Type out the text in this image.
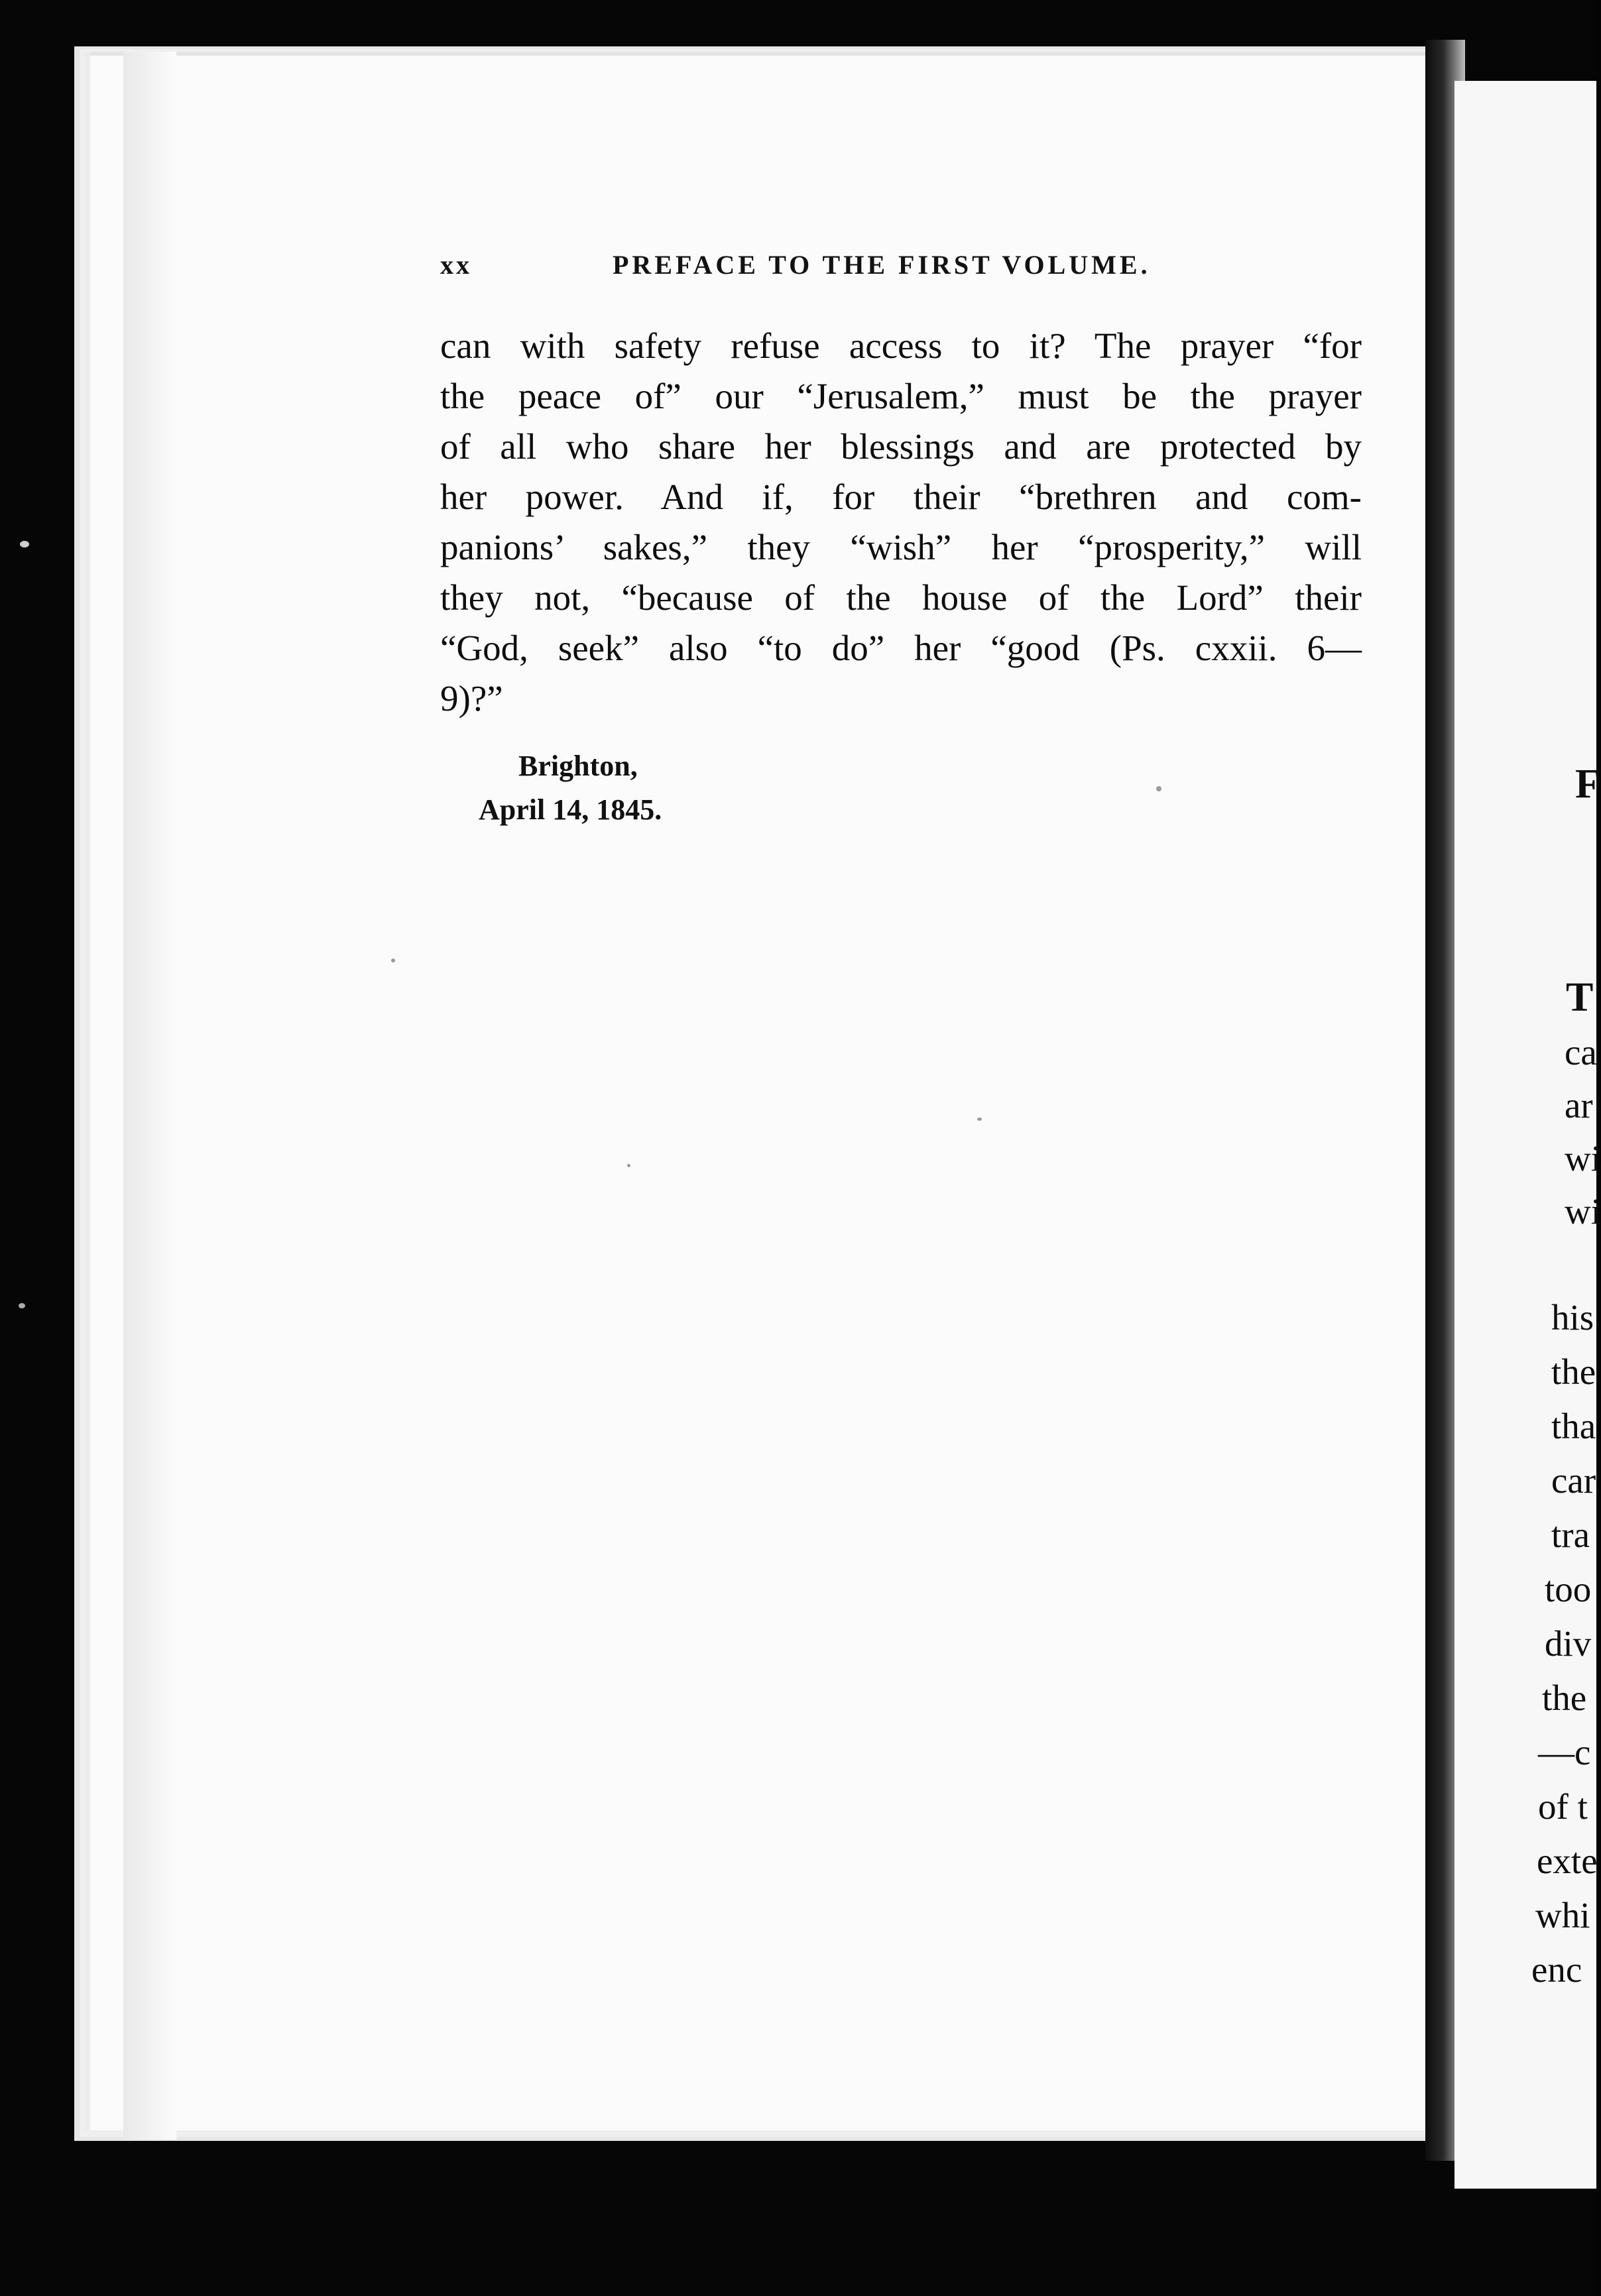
xx	PREFACE TO THE FIRST VOLUME.
can with safety refuse access to it? The prayer “for
the peace of” our “Jerusalem,” must be the prayer
of all who share her blessings and are protected by
her power. And if, for their “brethren and com-
panions’ sakes,” they “wish” her “prosperity,” will
they not, “because of the house of the Lord” their
“God, seek” also “to do” her “good (Ps. cxxii. 6—
9)?”
Brighton,
April 14, 1845.
F
T
ca
ar
wi
wi
his
the
tha
car
tra
too
div
the
—c
of t
exte
whi
enc
